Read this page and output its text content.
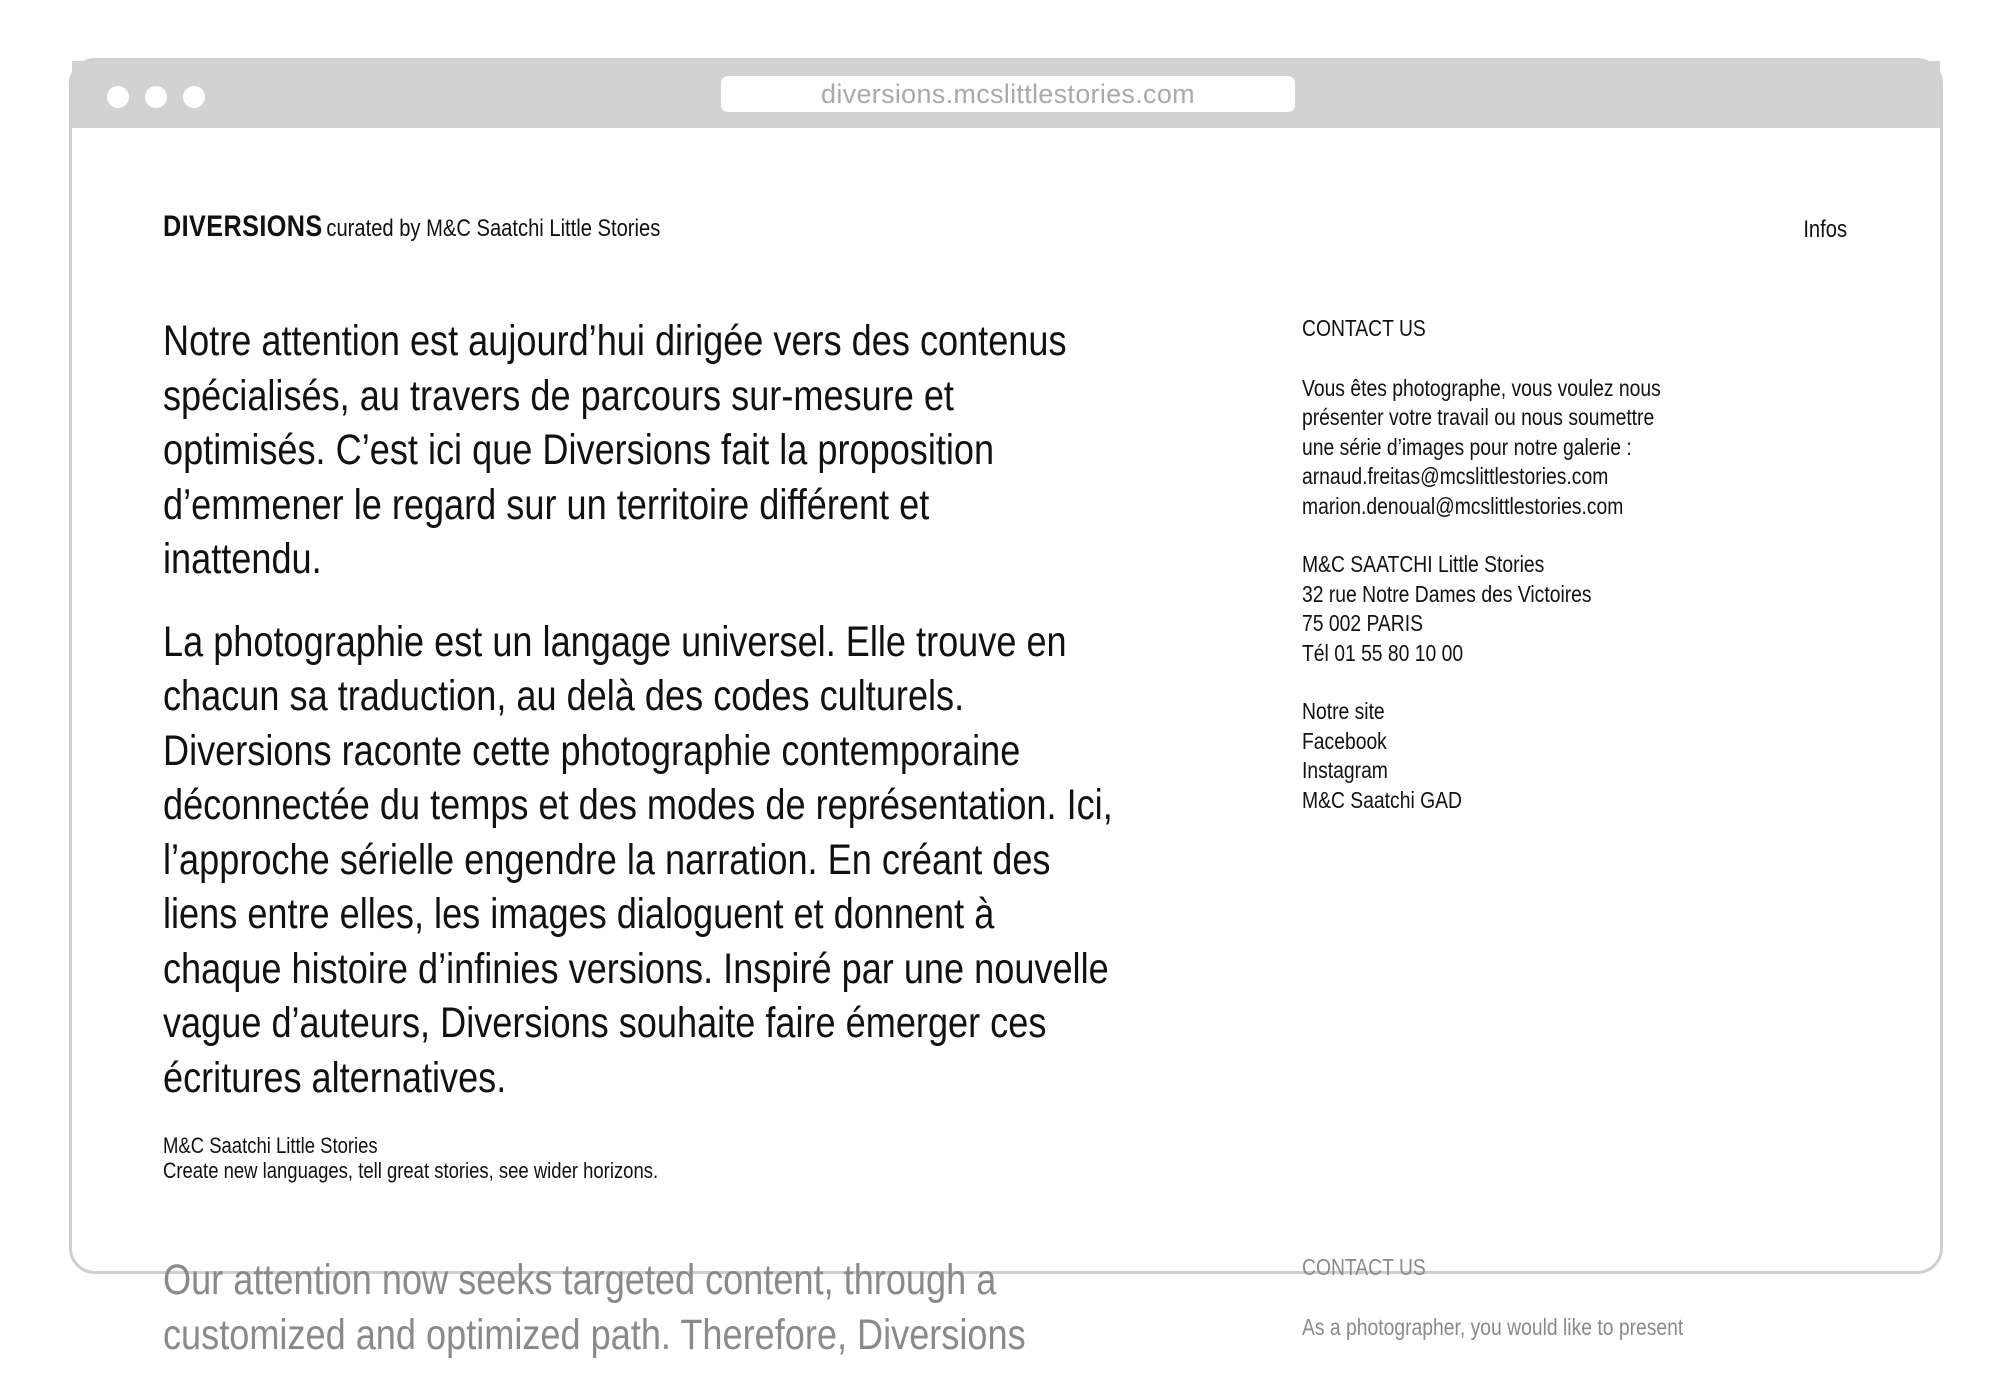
diversions.mcslittlestories.com
DIVERSIONS curated by M&C Saatchi Little Stories	Infos

Notre attention est aujourd’hui dirigée vers des contenus
spécialisés, au travers de parcours sur-mesure et
optimisés. C’est ici que Diversions fait la proposition
d’emmener le regard sur un territoire différent et
inattendu.

La photographie est un langage universel. Elle trouve en
chacun sa traduction, au delà des codes culturels.
Diversions raconte cette photographie contemporaine
déconnectée du temps et des modes de représentation. Ici,
l’approche sérielle engendre la narration. En créant des
liens entre elles, les images dialoguent et donnent à
chaque histoire d’infinies versions. Inspiré par une nouvelle
vague d’auteurs, Diversions souhaite faire émerger ces
écritures alternatives.

M&C Saatchi Little Stories
Create new languages, tell great stories, see wider horizons.
CONTACT US
Vous êtes photographe, vous voulez nous
présenter votre travail ou nous soumettre
une série d’images pour notre galerie :
arnaud.freitas@mcslittlestories.com
marion.denoual@mcslittlestories.com
M&C SAATCHI Little Stories
32 rue Notre Dames des Victoires
75 002 PARIS
Tél 01 55 80 10 00
Notre site
Facebook
Instagram
M&C Saatchi GAD

Our attention now seeks targeted content, through a
customized and optimized path. Therefore, Diversions

CONTACT US
As a photographer, you would like to present
